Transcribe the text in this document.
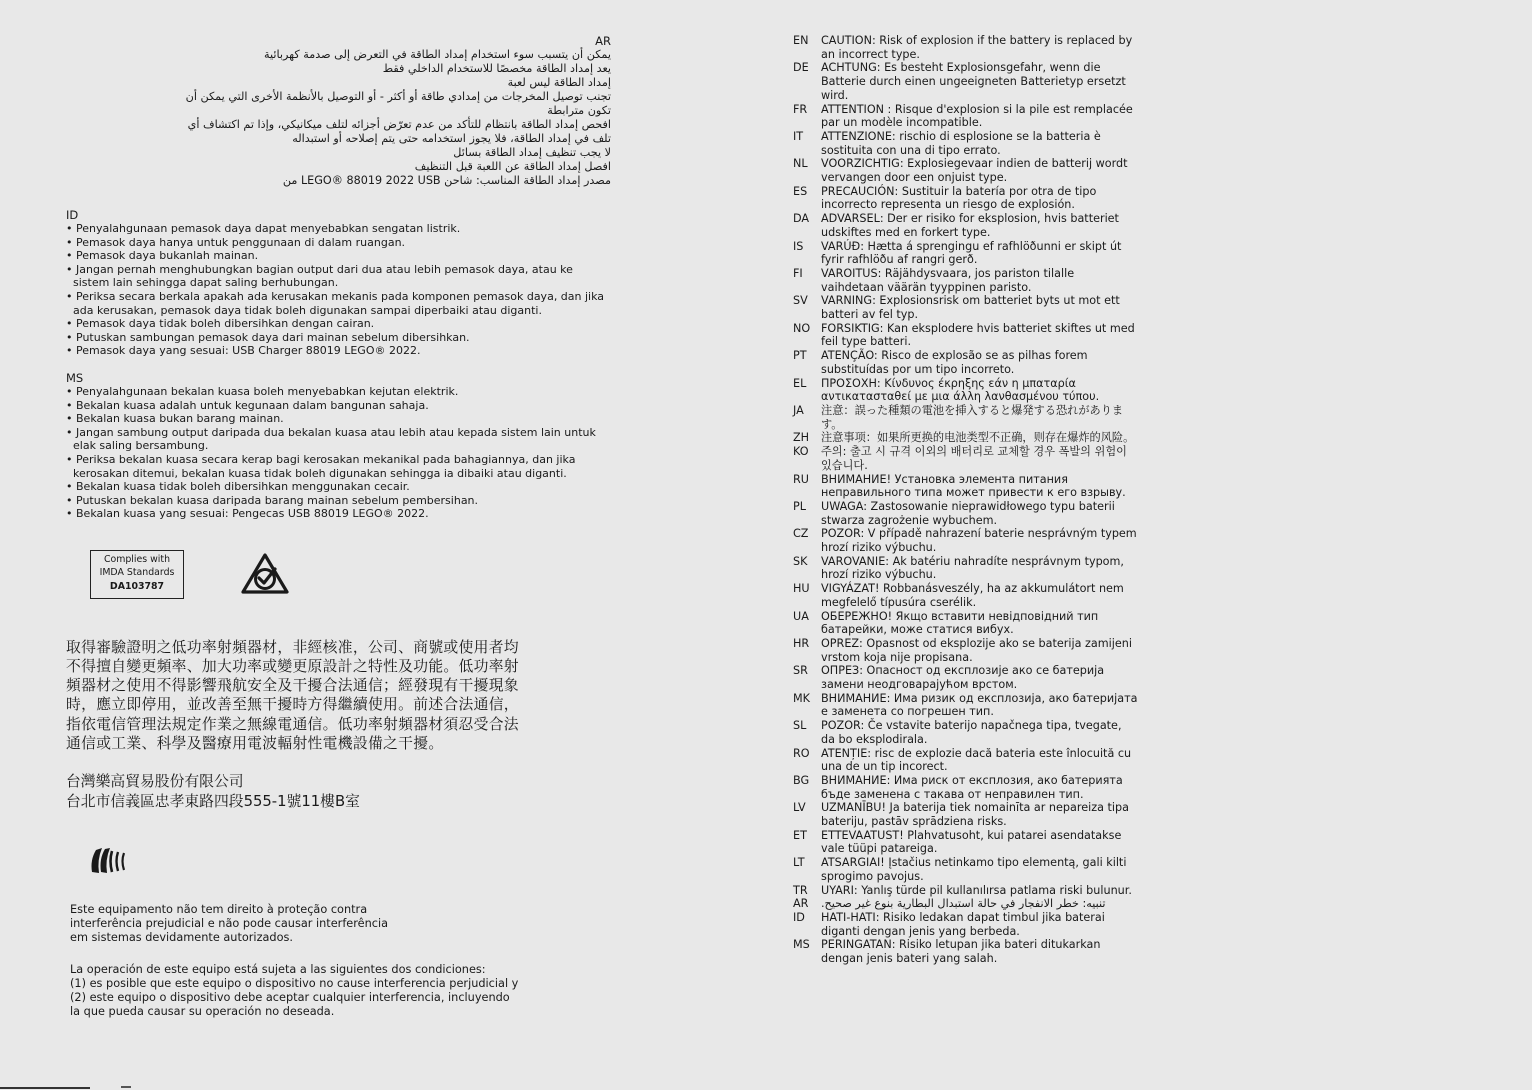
AR
يمكن أن يتسبب سوء استخدام إمداد الطاقة في التعرض إلى صدمة كهربائية
يعد إمداد الطاقة مخصصًا للاستخدام الداخلي فقط
إمداد الطاقة ليس لعبة
تجنب توصيل المخرجات من إمدادي طاقة أو أكثر - أو التوصيل بالأنظمة الأخرى التي يمكن أن
تكون مترابطة
افحص إمداد الطاقة بانتظام للتأكد من عدم تعرّض أجزائه لتلف ميكانيكي، وإذا تم اكتشاف أي
تلف في إمداد الطاقة، فلا يجوز استخدامه حتى يتم إصلاحه أو استبداله
لا يجب تنظيف إمداد الطاقة بسائل
افصل إمداد الطاقة عن اللعبة قبل التنظيف
مصدر إمداد الطاقة المناسب: شاحن LEGO® 88019 2022 USB من
ID
• Penyalahgunaan pemasok daya dapat menyebabkan sengatan listrik.
• Pemasok daya hanya untuk penggunaan di dalam ruangan.
• Pemasok daya bukanlah mainan.
• Jangan pernah menghubungkan bagian output dari dua atau lebih pemasok daya, atau ke sistem lain sehingga dapat saling berhubungan.
• Periksa secara berkala apakah ada kerusakan mekanis pada komponen pemasok daya, dan jika ada kerusakan, pemasok daya tidak boleh digunakan sampai diperbaiki atau diganti.
• Pemasok daya tidak boleh dibersihkan dengan cairan.
• Putuskan sambungan pemasok daya dari mainan sebelum dibersihkan.
• Pemasok daya yang sesuai: USB Charger 88019 LEGO® 2022.
MS
• Penyalahgunaan bekalan kuasa boleh menyebabkan kejutan elektrik.
• Bekalan kuasa adalah untuk kegunaan dalam bangunan sahaja.
• Bekalan kuasa bukan barang mainan.
• Jangan sambung output daripada dua bekalan kuasa atau lebih atau kepada sistem lain untuk elak saling bersambung.
• Periksa bekalan kuasa secara kerap bagi kerosakan mekanikal pada bahagiannya, dan jika kerosakan ditemui, bekalan kuasa tidak boleh digunakan sehingga ia dibaiki atau diganti.
• Bekalan kuasa tidak boleh dibersihkan menggunakan cecair.
• Putuskan bekalan kuasa daripada barang mainan sebelum pembersihan.
• Bekalan kuasa yang sesuai: Pengecas USB 88019 LEGO® 2022.
Complies with
IMDA Standards
DA103787
取得審驗證明之低功率射頻器材，非經核准，公司、商號或使用者均不得擅自變更頻率、加大功率或變更原設計之特性及功能。低功率射頻器材之使用不得影響飛航安全及干擾合法通信；經發現有干擾現象時，應立即停用，並改善至無干擾時方得繼續使用。前述合法通信，指依電信管理法規定作業之無線電通信。低功率射頻器材須忍受合法通信或工業、科學及醫療用電波輻射性電機設備之干擾。
台灣樂高貿易股份有限公司
台北市信義區忠孝東路四段555-1號11樓B室
Este equipamento não tem direito à proteção contra
interferência prejudicial e não pode causar interferência
em sistemas devidamente autorizados.
La operación de este equipo está sujeta a las siguientes dos condiciones:
(1) es posible que este equipo o dispositivo no cause interferencia perjudicial y
(2) este equipo o dispositivo debe aceptar cualquier interferencia, incluyendo
la que pueda causar su operación no deseada.
EN	CAUTION: Risk of explosion if the battery is replaced by an incorrect type.
DE	ACHTUNG: Es besteht Explosionsgefahr, wenn die Batterie durch einen ungeeigneten Batterietyp ersetzt wird.
FR	ATTENTION : Risque d'explosion si la pile est remplacée par un modèle incompatible.
IT	ATTENZIONE: rischio di esplosione se la batteria è sostituita con una di tipo errato.
NL	VOORZICHTIG: Explosiegevaar indien de batterij wordt vervangen door een onjuist type.
ES	PRECAUCIÓN: Sustituir la batería por otra de tipo incorrecto representa un riesgo de explosión.
DA	ADVARSEL: Der er risiko for eksplosion, hvis batteriet udskiftes med en forkert type.
IS	VARÚÐ: Hætta á sprengingu ef rafhlöðunni er skipt út fyrir rafhlöðu af rangri gerð.
FI	VAROITUS: Räjähdysvaara, jos pariston tilalle vaihdetaan väärän tyyppinen paristo.
SV	VARNING: Explosionsrisk om batteriet byts ut mot ett batteri av fel typ.
NO FORSIKTIG: Kan eksplodere hvis batteriet skiftes ut med feil type batteri.
PT	ATENÇÃO: Risco de explosão se as pilhas forem substituídas por um tipo incorreto.
EL	ΠΡΟΣΟΧΗ: Κίνδυνος έκρηξης εάν η μπαταρία αντικατασταθεί με μια άλλη λανθασμένου τύπου.
JA	注意：誤った種類の電池を挿入すると爆発する恐れがあります。
ZH	注意事项：如果所更换的电池类型不正确，则存在爆炸的风险。
KO	주의: 출고 시 규격 이외의 배터리로 교체할 경우 폭발의 위험이 있습니다.
RU	ВНИМАНИЕ! Установка элемента питания неправильного типа может привести к его взрыву.
PL	UWAGA: Zastosowanie nieprawidłowego typu baterii stwarza zagrożenie wybuchem.
CZ	POZOR: V případě nahrazení baterie nesprávným typem hrozí riziko výbuchu.
SK	VAROVANIE: Ak batériu nahradíte nesprávnym typom, hrozí riziko výbuchu.
HU	VIGYÁZAT! Robbanásveszély, ha az akkumulátort nem megfelelő típusúra cserélik.
UA	ОБЕРЕЖНО! Якщо вставити невідповідний тип батарейки, може статися вибух.
HR	OPREZ: Opasnost od eksplozije ako se baterija zamijeni vrstom koja nije propisana.
SR	ОПРЕЗ: Опасност од експлозије ако се батерија замени неодговарајућом врстом.
MK ВНИМАНИЕ: Има ризик од експлозија, ако батеријата е заменета со погрешен тип.
SL	POZOR: Če vstavite baterijo napačnega tipa, tvegate, da bo eksplodirala.
RO	ATENȚIE: risc de explozie dacă bateria este înlocuită cu una de un tip incorect.
BG	ВНИМАНИЕ: Има риск от експлозия, ако батерията бъде заменена с такава от неправилен тип.
LV	UZMANĪBU! Ja baterija tiek nomainīta ar nepareiza tipa bateriju, pastāv sprādziena risks.
ET	ETTEVAATUST! Plahvatusoht, kui patarei asendatakse vale tüüpi patareiga.
LT	ATSARGIAI! Įstačius netinkamo tipo elementą, gali kilti sprogimo pavojus.
TR	UYARI: Yanlış türde pil kullanılırsa patlama riski bulunur.
AR	تنبيه: خطر الانفجار في حالة استبدال البطارية بنوع غير صحيح.
ID	HATI-HATI: Risiko ledakan dapat timbul jika baterai diganti dengan jenis yang berbeda.
MS	PERINGATAN: Risiko letupan jika bateri ditukarkan dengan jenis bateri yang salah.
